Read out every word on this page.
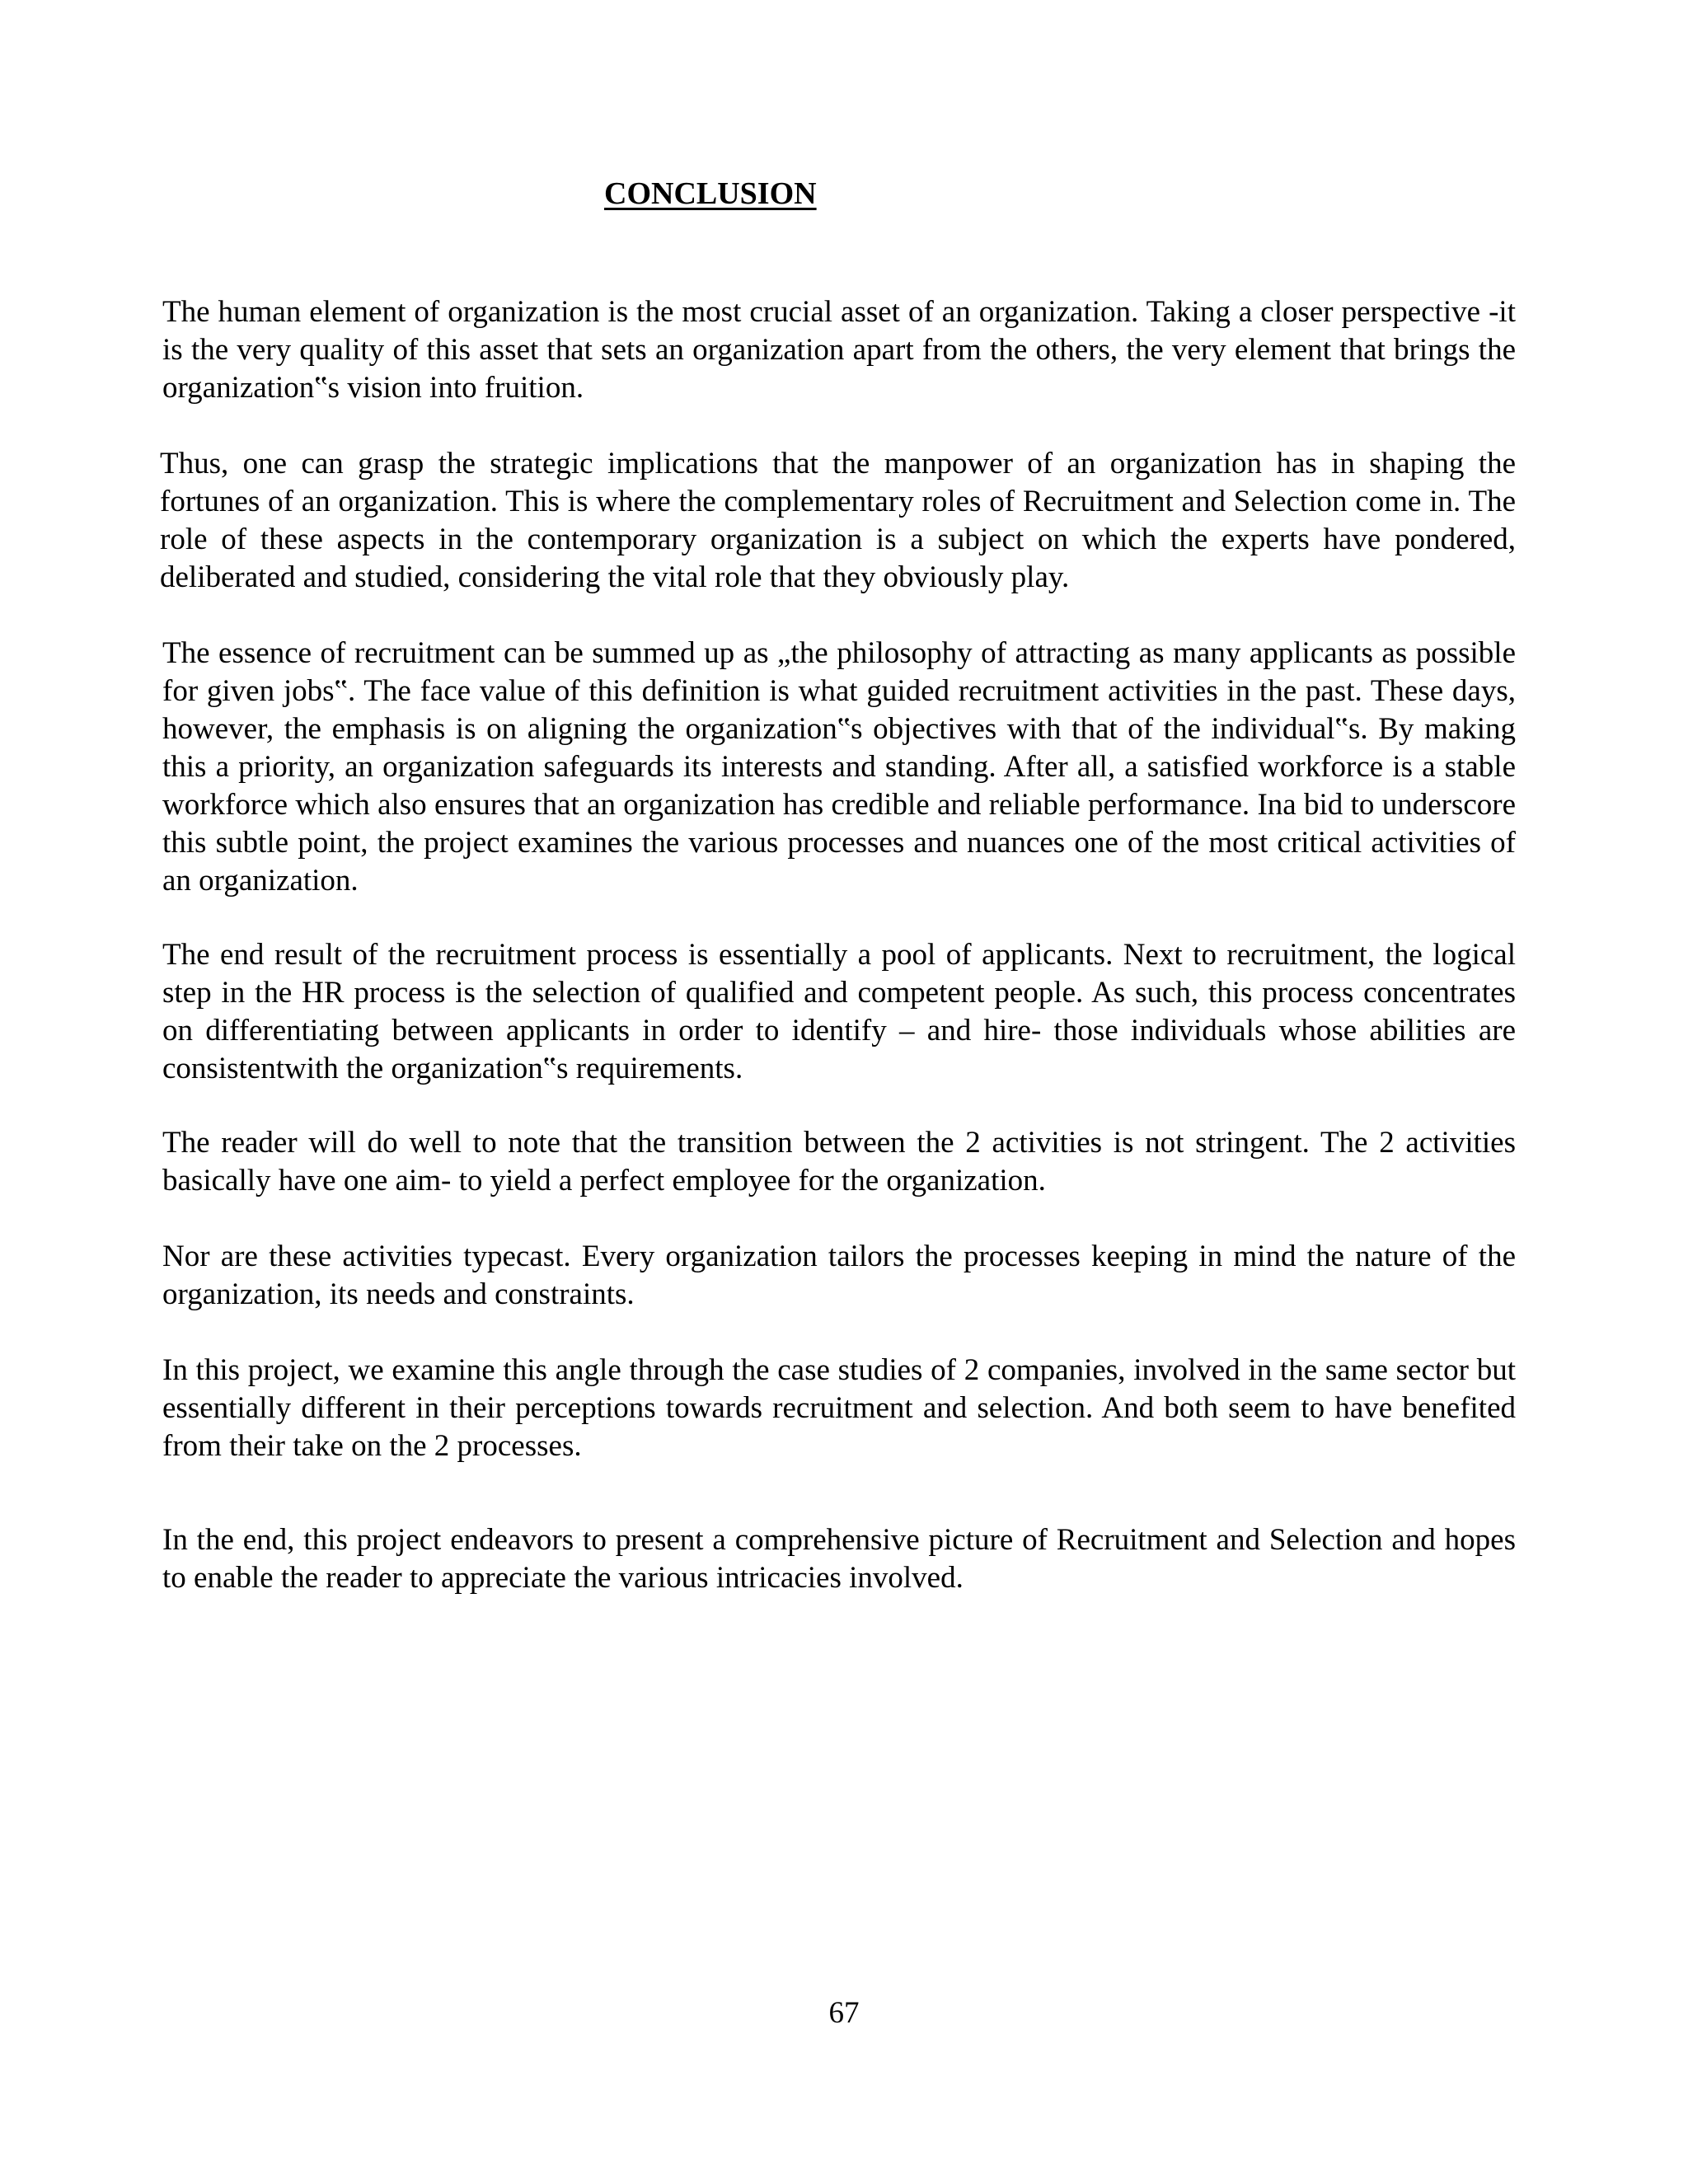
CONCLUSION

The human element of organization is the most crucial asset of an organization. Taking a closer perspective -it is the very quality of this asset that sets an organization apart from the others, the very element that brings the organization‟s vision into fruition.

Thus, one can grasp the strategic implications that the manpower of an organization has in shaping the fortunes of an organization. This is where the complementary roles of Recruitment and Selection come in. The role of these aspects in the contemporary organization is a subject on which the experts have pondered, deliberated and studied, considering the vital role that they obviously play.

The essence of recruitment can be summed up as „the philosophy of attracting as many applicants as possible for given jobs‟. The face value of this definition is what guided recruitment activities in the past. These days, however, the emphasis is on aligning the organization‟s objectives with that of the individual‟s. By making this a priority, an organization safeguards its interests and standing. After all, a satisfied workforce is a stable workforce which also ensures that an organization has credible and reliable performance. Ina bid to underscore this subtle point, the project examines the various processes and nuances one of the most critical activities of an organization.

The end result of the recruitment process is essentially a pool of applicants. Next to recruitment, the logical step in the HR process is the selection of qualified and competent people. As such, this process concentrates on differentiating between applicants in order to identify – and hire- those individuals whose abilities are consistentwith the organization‟s requirements.

The reader will do well to note that the transition between the 2 activities is not stringent. The 2 activities basically have one aim- to yield a perfect employee for the organization.

Nor are these activities typecast. Every organization tailors the processes keeping in mind the nature of the organization, its needs and constraints.

In this project, we examine this angle through the case studies of 2 companies, involved in the same sector but essentially different in their perceptions towards recruitment and selection. And both seem to have benefited from their take on the 2 processes.

In the end, this project endeavors to present a comprehensive picture of Recruitment and Selection and hopes to enable the reader to appreciate the various intricacies involved.

67
